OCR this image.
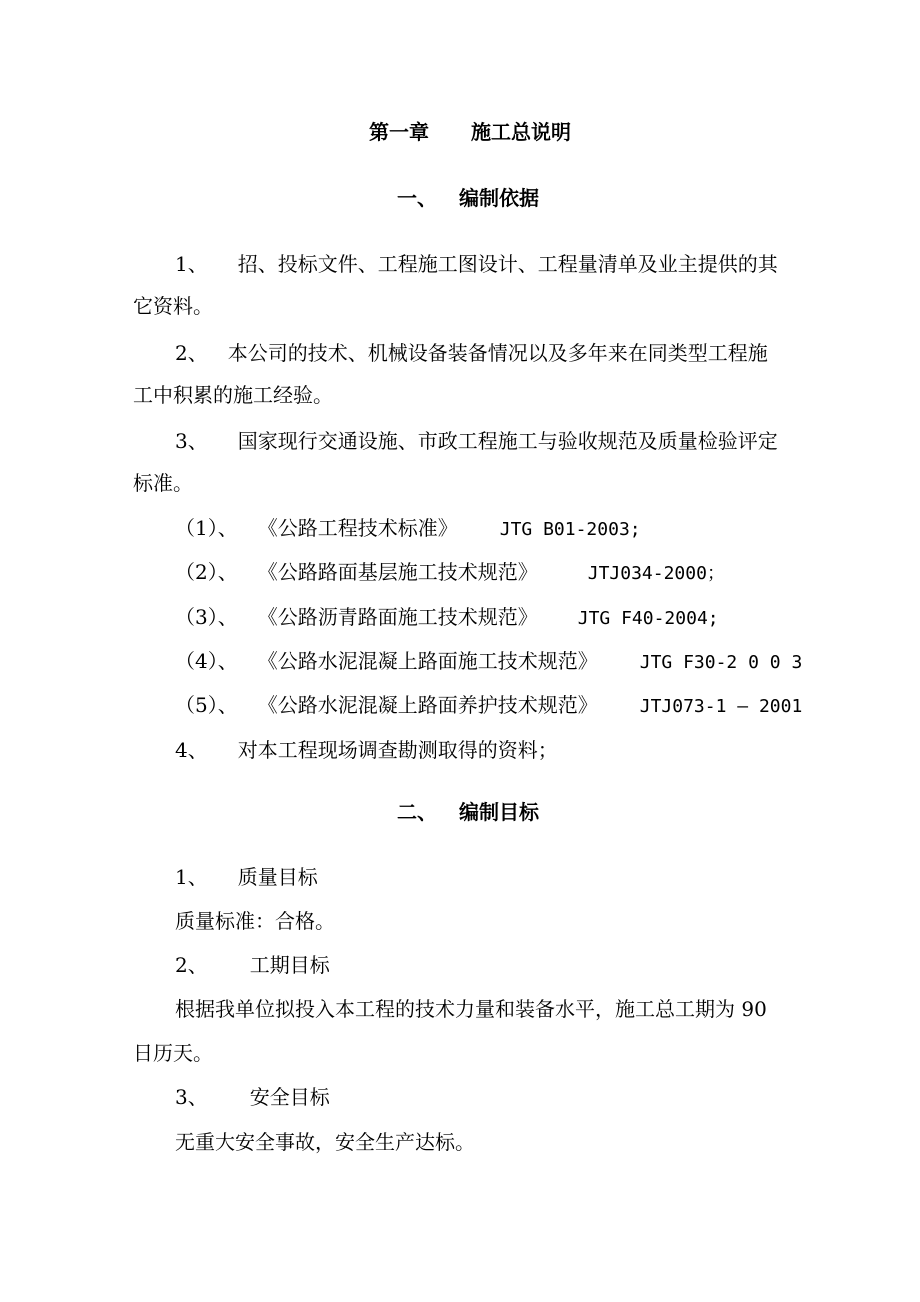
第一章 施工总说明
一、 编制依据
1、 招、投标文件、工程施工图设计、工程量清单及业主提供的其
它资料。
2、 本公司的技术、机械设备装备情况以及多年来在同类型工程施
工中积累的施工经验。
3、 国家现行交通设施、市政工程施工与验收规范及质量检验评定
标准。
（1）、 《公路工程技术标准》 JTG B01-2003;
（2）、 《公路路面基层施工技术规范》	JTJ034-2000；
（3）、 《公路沥青路面施工技术规范》 JTG F40-2004;
（4）、 《公路水泥混凝上路面施工技术规范》 JTG F30-2 0 0 3
（5）、 《公路水泥混凝上路面养护技术规范》 JTJ073-1 – 2001
4、 对本工程现场调查勘测取得的资料；
二、 编制目标
1、 质量目标
质量标准：合格。
2、 工期目标
根据我单位拟投入本工程的技术力量和装备水平，施工总工期为 90
日历天。
3、 安全目标
无重大安全事故，安全生产达标。
